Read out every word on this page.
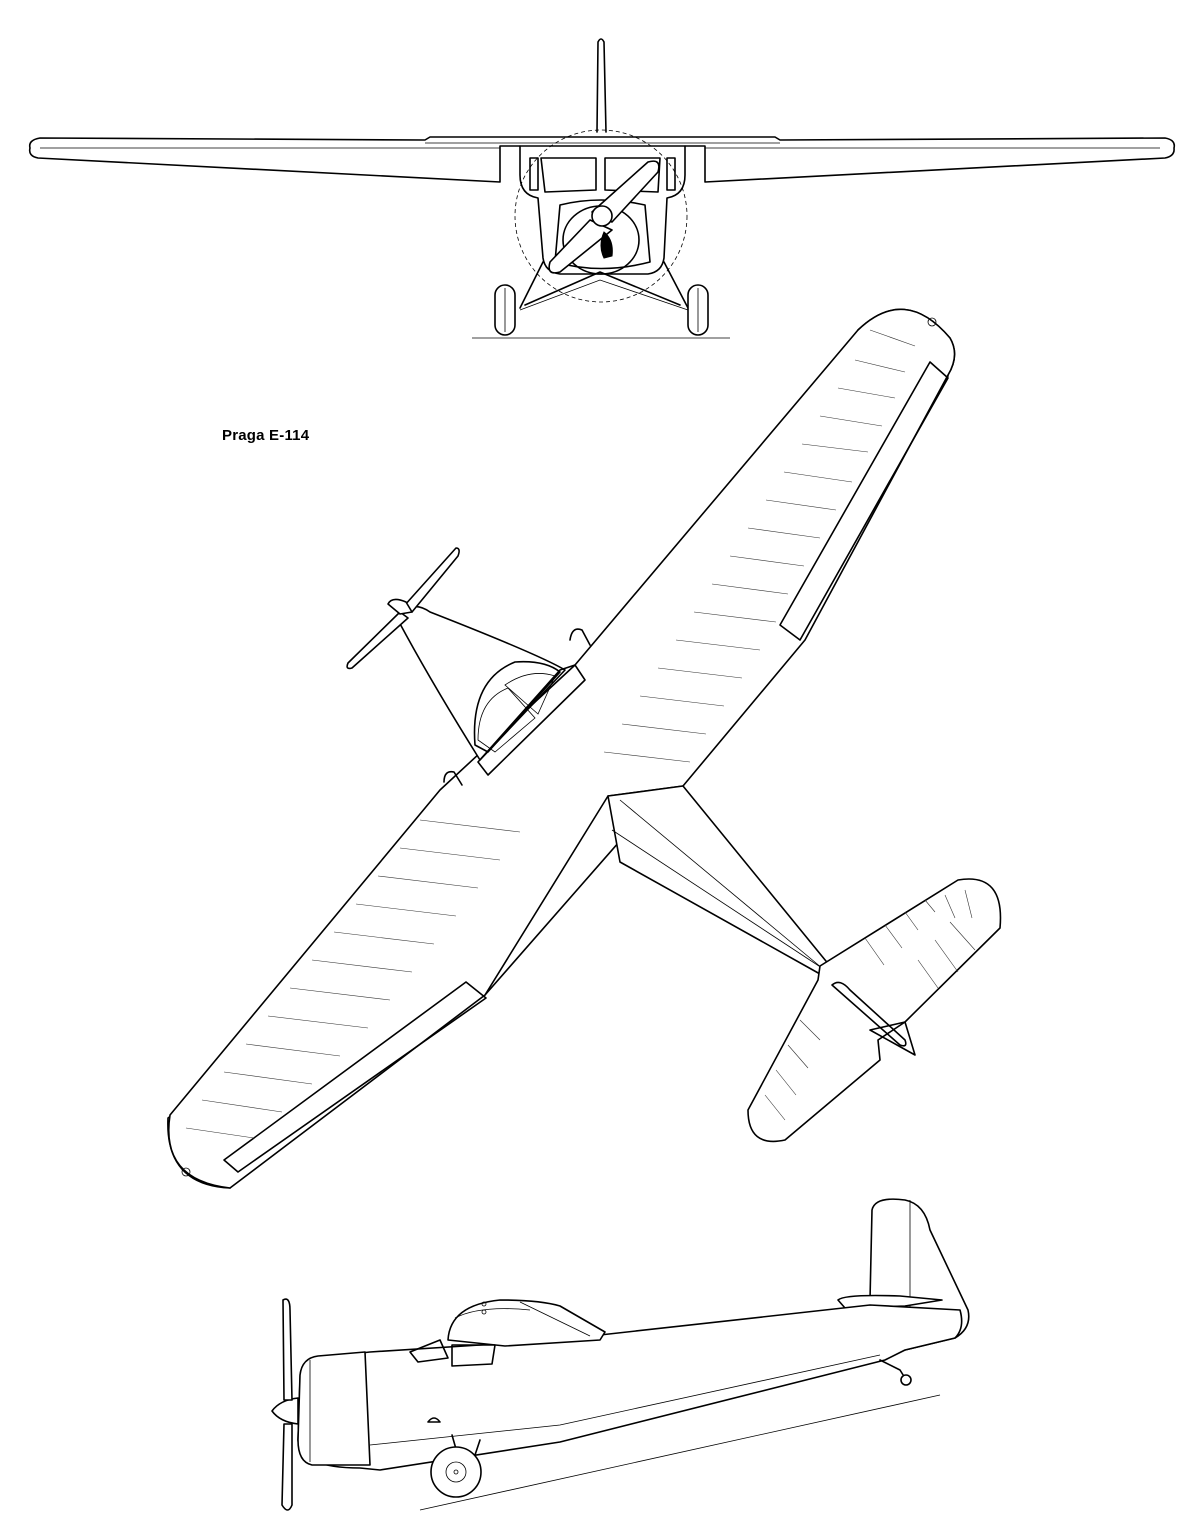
Praga E-114
